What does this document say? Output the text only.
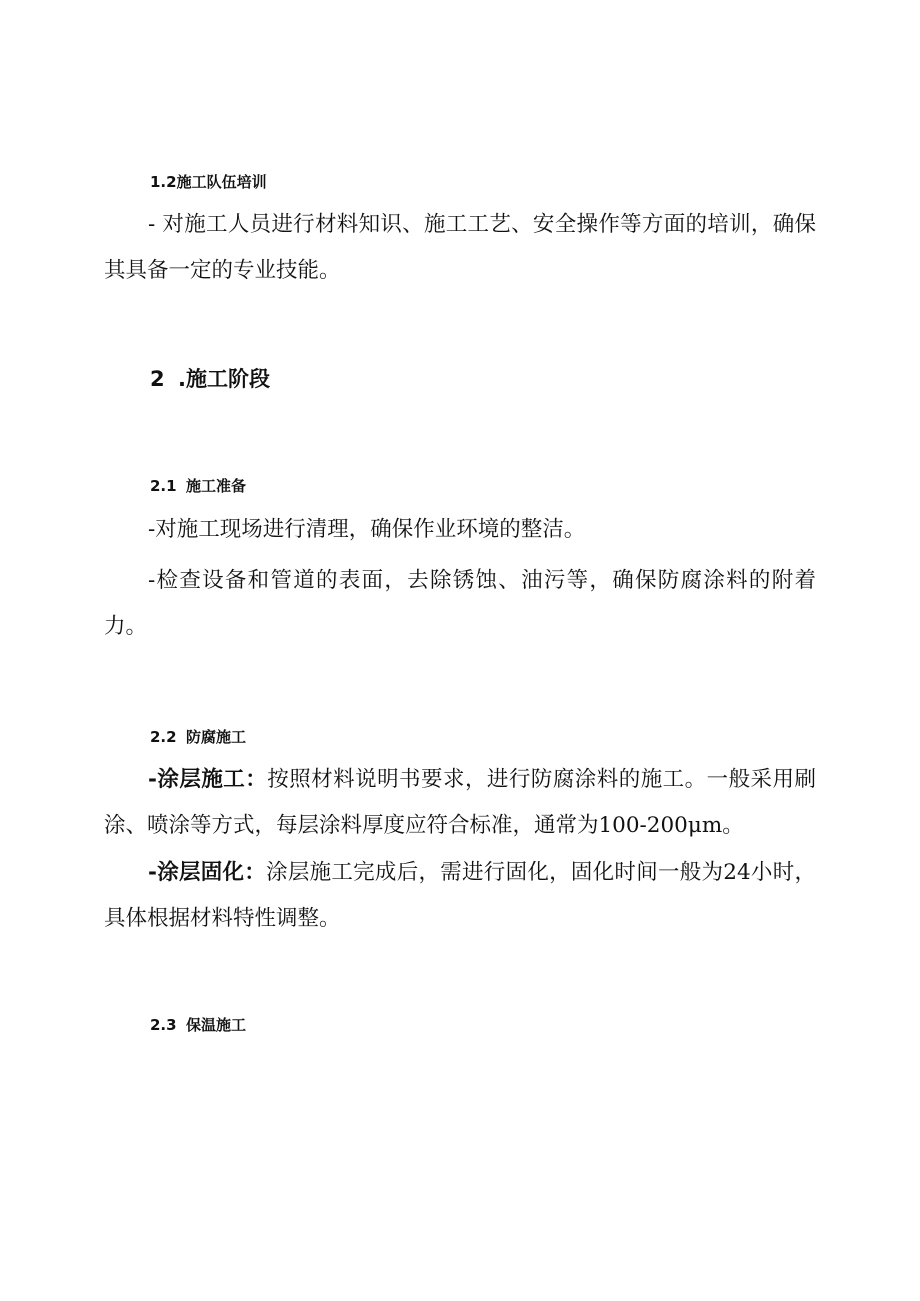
1.2施工队伍培训
- 对施工人员进行材料知识、施工工艺、安全操作等方面的培训，确保其具备一定的专业技能。
2 .施工阶段
2.1 施工准备
-对施工现场进行清理，确保作业环境的整洁。
-检查设备和管道的表面，去除锈蚀、油污等，确保防腐涂料的附着力。
2.2 防腐施工
-涂层施工：按照材料说明书要求，进行防腐涂料的施工。一般采用刷涂、喷涂等方式，每层涂料厚度应符合标准，通常为100-200μm。
-涂层固化：涂层施工完成后，需进行固化，固化时间一般为24小时，具体根据材料特性调整。
2.3 保温施工
